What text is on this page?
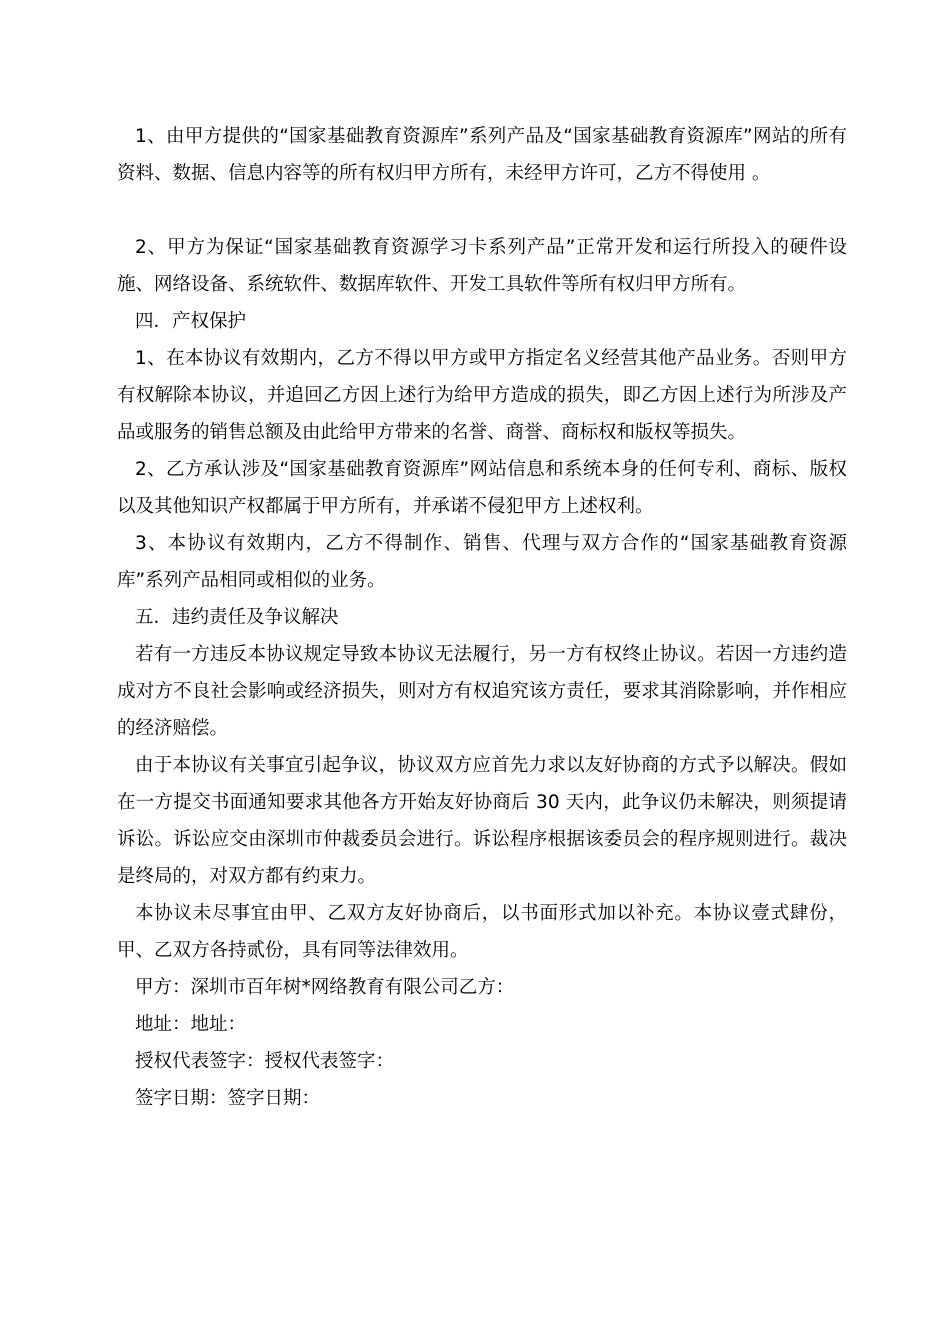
1、由甲方提供的“国家基础教育资源库”系列产品及“国家基础教育资源库”网站的所有资料、数据、信息内容等的所有权归甲方所有，未经甲方许可，乙方不得使用 。

2、甲方为保证“国家基础教育资源学习卡系列产品”正常开发和运行所投入的硬件设施、网络设备、系统软件、数据库软件、开发工具软件等所有权归甲方所有。

四．产权保护

1、在本协议有效期内，乙方不得以甲方或甲方指定名义经营其他产品业务。否则甲方有权解除本协议，并追回乙方因上述行为给甲方造成的损失，即乙方因上述行为所涉及产品或服务的销售总额及由此给甲方带来的名誉、商誉、商标权和版权等损失。

2、乙方承认涉及“国家基础教育资源库”网站信息和系统本身的任何专利、商标、版权以及其他知识产权都属于甲方所有，并承诺不侵犯甲方上述权利。

3、本协议有效期内，乙方不得制作、销售、代理与双方合作的“国家基础教育资源库”系列产品相同或相似的业务。

五．违约责任及争议解决

若有一方违反本协议规定导致本协议无法履行，另一方有权终止协议。若因一方违约造成对方不良社会影响或经济损失，则对方有权追究该方责任，要求其消除影响，并作相应的经济赔偿。

由于本协议有关事宜引起争议，协议双方应首先力求以友好协商的方式予以解决。假如在一方提交书面通知要求其他各方开始友好协商后 30 天内，此争议仍未解决，则须提请诉讼。诉讼应交由深圳市仲裁委员会进行。诉讼程序根据该委员会的程序规则进行。裁决是终局的，对双方都有约束力。

本协议未尽事宜由甲、乙双方友好协商后，以书面形式加以补充。本协议壹式肆份，甲、乙双方各持贰份，具有同等法律效用。

甲方：深圳市百年树*网络教育有限公司乙方：

地址：地址：

授权代表签字：授权代表签字：

签字日期：签字日期：
